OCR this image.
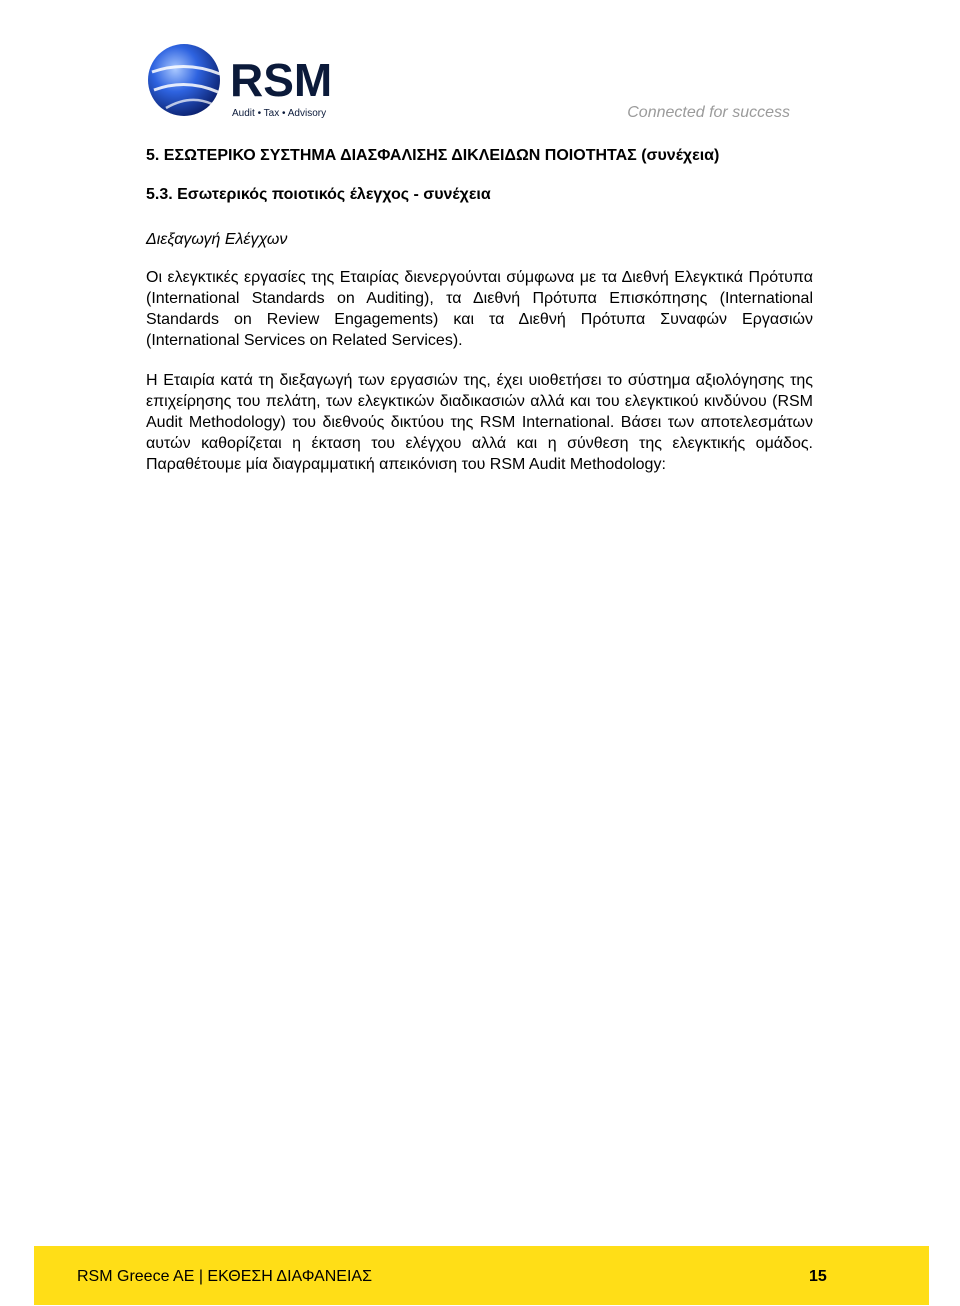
RSM
Audit • Tax • Advisory	Connected for success
5. ΕΣΩΤΕΡΙΚΟ ΣΥΣΤΗΜΑ ΔΙΑΣΦΑΛΙΣΗΣ ΔΙΚΛΕΙΔΩΝ ΠΟΙΟΤΗΤΑΣ (συνέχεια)
5.3. Εσωτερικός ποιοτικός έλεγχος - συνέχεια
Διεξαγωγή Ελέγχων
Οι ελεγκτικές εργασίες της Εταιρίας διενεργούνται σύμφωνα με τα Διεθνή Ελεγκτικά Πρότυπα (International Standards on Auditing), τα Διεθνή Πρότυπα Επισκόπησης (International Standards on Review Engagements) και τα Διεθνή Πρότυπα Συναφών Εργασιών (International Services on Related Services).
Η Εταιρία κατά τη διεξαγωγή των εργασιών της, έχει υιοθετήσει το σύστημα αξιολόγησης της επιχείρησης του πελάτη, των ελεγκτικών διαδικασιών αλλά και του ελεγκτικού κινδύνου (RSM Audit Methodology) του διεθνούς δικτύου της RSM International. Βάσει των αποτελεσμάτων αυτών καθορίζεται η έκταση του ελέγχου αλλά και η σύνθεση της ελεγκτικής ομάδος. Παραθέτουμε μία διαγραμματική απεικόνιση του RSM Audit Methodology:
RSM Greece AE | ΕΚΘΕΣΗ ΔΙΑΦΑΝΕΙΑΣ	15
